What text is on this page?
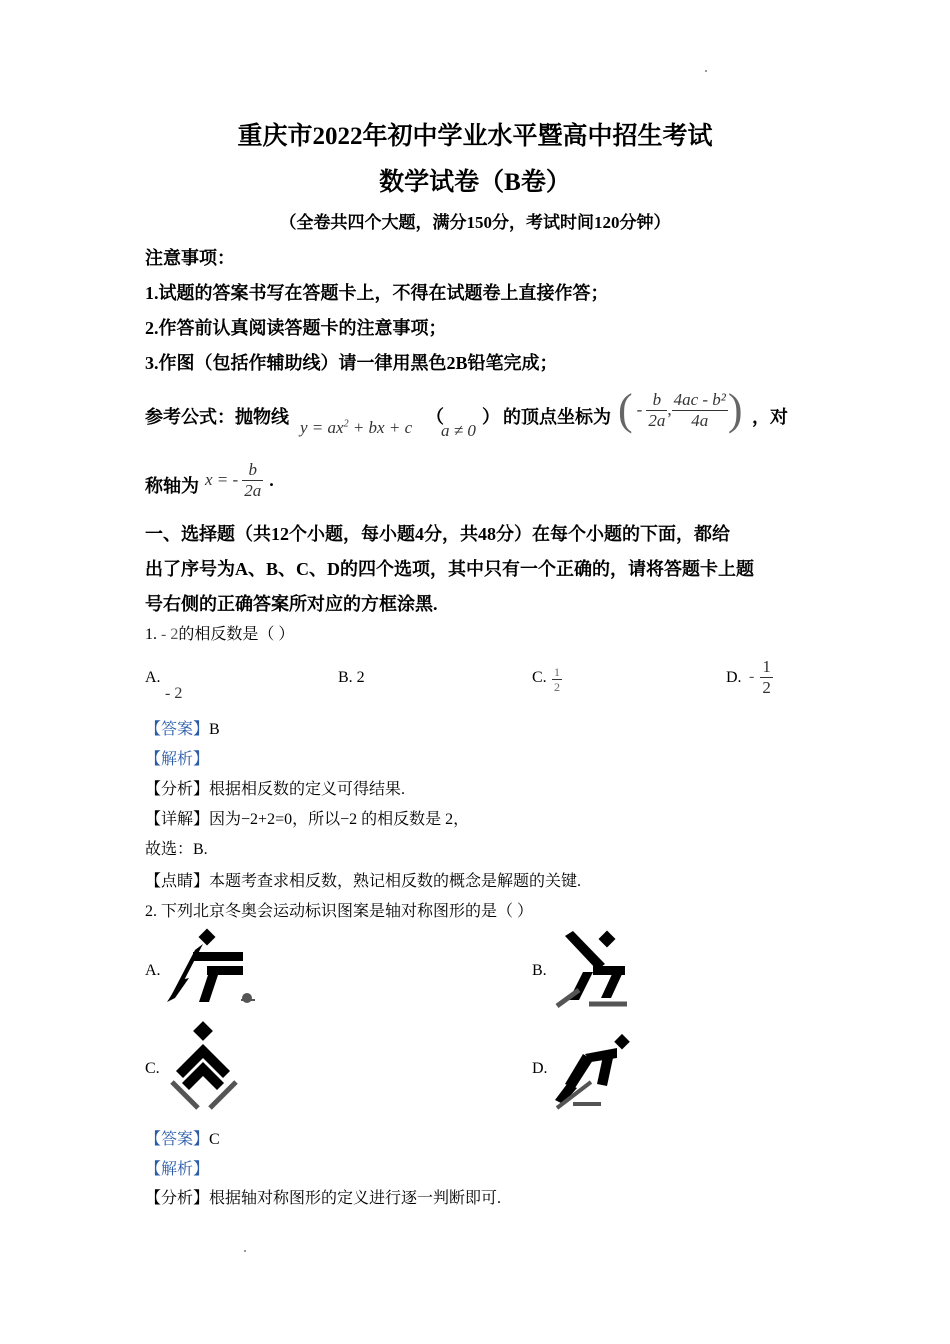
重庆市2022年初中学业水平暨高中招生考试
数学试卷（B卷）
（全卷共四个大题，满分150分，考试时间120分钟）
注意事项：
1.试题的答案书写在答题卡上，不得在试题卷上直接作答；
2.作答前认真阅读答题卡的注意事项；
3.作图（包括作辅助线）请一律用黑色2B铅笔完成；
参考公式：抛物线
$y = ax^2$ + bx + c
（
a ≠ 0
） 的顶点坐标为 ( - $\frac{b}{2a}$ , $\frac{\text{4ac - b²}}{4a}$ ) ，对
称轴为 x = - $\frac{b}{2a}$ .
一、选择题（共12个小题，每小题4分，共48分）在每个小题的下面，都给
出了序号为A、B、C、D的四个选项，其中只有一个正确的，请将答题卡上题
号右侧的正确答案所对应的方框涂黑.
1. - 2的相反数是（ ）
A.
- 2
B. 2	C. $\frac{1}{2}$	D. - $\frac{1}{2}$
【答案】B
【解析】
【分析】根据相反数的定义可得结果.
【详解】因为−2+2=0，所以−2 的相反数是 2，
故选：B.
【点睛】本题考查求相反数，熟记相反数的概念是解题的关键.
2. 下列北京冬奥会运动标识图案是轴对称图形的是（ ）
A.	B.
C.	D.
【答案】C
【解析】
【分析】根据轴对称图形的定义进行逐一判断即可.
